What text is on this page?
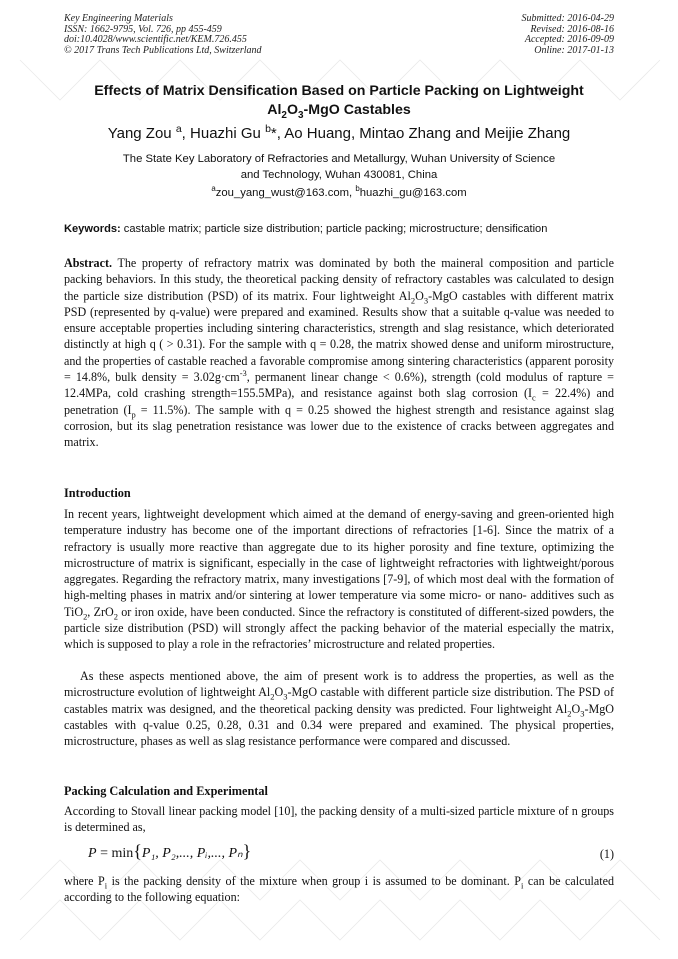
Key Engineering Materials
ISSN: 1662-9795, Vol. 726, pp 455-459
doi:10.4028/www.scientific.net/KEM.726.455
© 2017 Trans Tech Publications Ltd, Switzerland
Submitted: 2016-04-29
Revised: 2016-08-16
Accepted: 2016-09-09
Online: 2017-01-13
Effects of Matrix Densification Based on Particle Packing on Lightweight
$Al_2O_3$-MgO Castables
Yang Zou $^a$, Huazhi Gu $^b$*, Ao Huang, Mintao Zhang and Meijie Zhang
The State Key Laboratory of Refractories and Metallurgy, Wuhan University of Science
and Technology, Wuhan 430081, China
$^a$zou_yang_wust@163.com, $^b$huazhi_gu@163.com
Keywords: castable matrix; particle size distribution; particle packing; microstructure; densification
Abstract. The property of refractory matrix was dominated by both the maineral composition and particle packing behaviors. In this study, the theoretical packing density of refractory castables was calculated to design the particle size distribution (PSD) of its matrix. Four lightweight $Al_2O_3$-MgO castables with different matrix PSD (represented by q-value) were prepared and examined. Results show that a suitable q-value was needed to ensure acceptable properties including sintering characteristics, strength and slag resistance, which deteriorated distinctly at high q ( > 0.31). For the sample with q = 0.28, the matrix showed dense and uniform mirostructure, and the properties of castable reached a favorable compromise among sintering characteristics (apparent porosity = 14.8%, bulk density = $3.02g\cdot cm^{-3}$, permanent linear change < 0.6%), strength (cold modulus of rapture = 12.4MPa, cold crashing strength=155.5MPa), and resistance against both slag corrosion $(I_c = 22.4\%)$ and penetration $(I_p = 11.5\%)$. The sample with q = 0.25 showed the highest strength and resistance against slag corrosion, but its slag penetration resistance was lower due to the existence of cracks between aggregates and matrix.
Introduction
In recent years, lightweight development which aimed at the demand of energy-saving and green-oriented high temperature industry has become one of the important directions of refractories [1-6]. Since the matrix of a refractory is usually more reactive than aggregate due to its higher porosity and fine texture, optimizing the microstructure of matrix is significant, especially in the case of lightweight refractories with lightweight/porous aggregates. Regarding the refractory matrix, many investigations [7-9], of which most deal with the formation of high-melting phases in matrix and/or sintering at lower temperature via some micro- or nano- additives such as TiO$_2$, ZrO$_2$ or iron oxide, have been conducted. Since the refractory is constituted of different-sized powders, the particle size distribution (PSD) will strongly affect the packing behavior of the material especially the matrix, which is supposed to play a role in the refractories’ microstructure and related properties.
As these aspects mentioned above, the aim of present work is to address the properties, as well as the microstructure evolution of lightweight $Al_2O_3$-MgO castable with different particle size distribution. The PSD of castables matrix was designed, and the theoretical packing density was predicted. Four lightweight $Al_2O_3$-MgO castables with q-value 0.25, 0.28, 0.31 and 0.34 were prepared and examined. The physical properties, microstructure, phases as well as slag resistance performance were compared and discussed.
Packing Calculation and Experimental
According to Stovall linear packing model [10], the packing density of a multi-sized particle mixture of n groups is determined as,
P = min{P₁, P₂,..., Pᵢ,..., Pₙ}	(1)
where $P_i$ is the packing density of the mixture when group i is assumed to be dominant. $P_i$ can be calculated according to the following equation:
